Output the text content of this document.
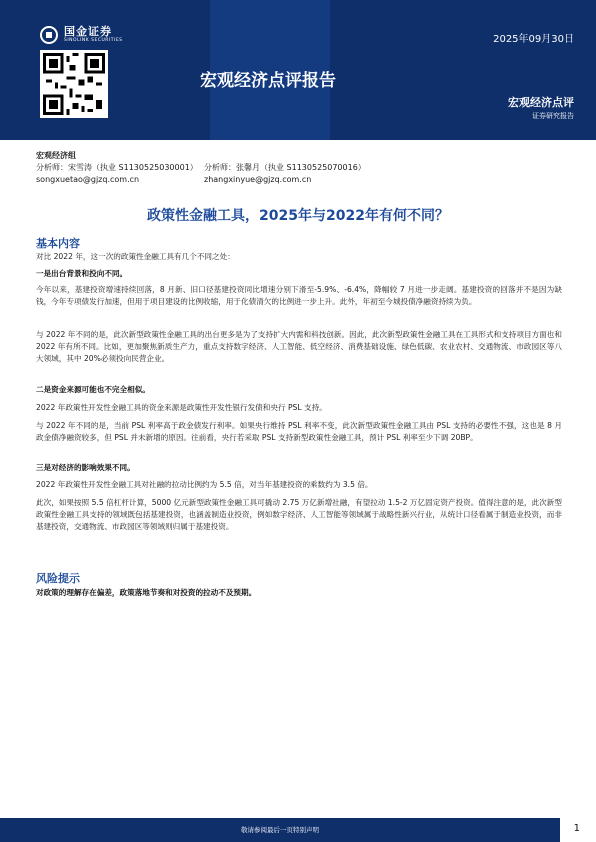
国金证券
SINOLINK SECURITIES	2025年09月30日
宏观经济点评报告
宏观经济点评
证券研究报告
宏观经济组
分析师：宋雪涛（执业 S1130525030001） 分析师：张馨月（执业 S1130525070016）
songxuetao@gjzq.com.cn	zhangxinyue@gjzq.com.cn
政策性金融工具，2025年与2022年有何不同？
基本内容
对比 2022 年，这一次的政策性金融工具有几个不同之处：
一是出台背景和投向不同。
今年以来，基建投资增速持续回落，8 月新、旧口径基建投资同比增速分别下滑至-5.9%、-6.4%，降幅较 7 月进一步走阔。基建投资的回落并不是因为缺钱，今年专项债发行加速，但用于项目建设的比例收缩，用于化债清欠的比例进一步上升。此外，年初至今城投债净融资持续为负。
与 2022 年不同的是，此次新型政策性金融工具的出台更多是为了支持扩大内需和科技创新。因此，此次新型政策性金融工具在工具形式和支持项目方面也和 2022 年有所不同。比如，更加聚焦新质生产力，重点支持数字经济、人工智能、低空经济、消费基础设施、绿色低碳、农业农村、交通物流、市政园区等八大领域，其中 20%必须投向民营企业。
二是资金来源可能也不完全相似。
2022 年政策性开发性金融工具的资金来源是政策性开发性银行发债和央行 PSL 支持。
与 2022 年不同的是，当前 PSL 利率高于政金债发行利率。如果央行维持 PSL 利率不变，此次新型政策性金融工具由 PSL 支持的必要性不强，这也是 8 月政金债净融资较多，但 PSL 并未新增的原因。往前看，央行若采取 PSL 支持新型政策性金融工具，预计 PSL 利率至少下调 20BP。
三是对经济的影响效果不同。
2022 年政策性开发性金融工具对社融的拉动比例约为 5.5 倍，对当年基建投资的乘数约为 3.5 倍。
此次，如果按照 5.5 倍杠杆计算，5000 亿元新型政策性金融工具可撬动 2.75 万亿新增社融，有望拉动 1.5-2 万亿固定资产投资。值得注意的是，此次新型政策性金融工具支持的领域既包括基建投资，也涵盖制造业投资，例如数字经济、人工智能等领域属于战略性新兴行业，从统计口径看属于制造业投资，而非基建投资，交通物流、市政园区等领域则归属于基建投资。
风险提示
对政策的理解存在偏差，政策落地节奏和对投资的拉动不及预期。
敬请参阅最后一页特别声明	1
